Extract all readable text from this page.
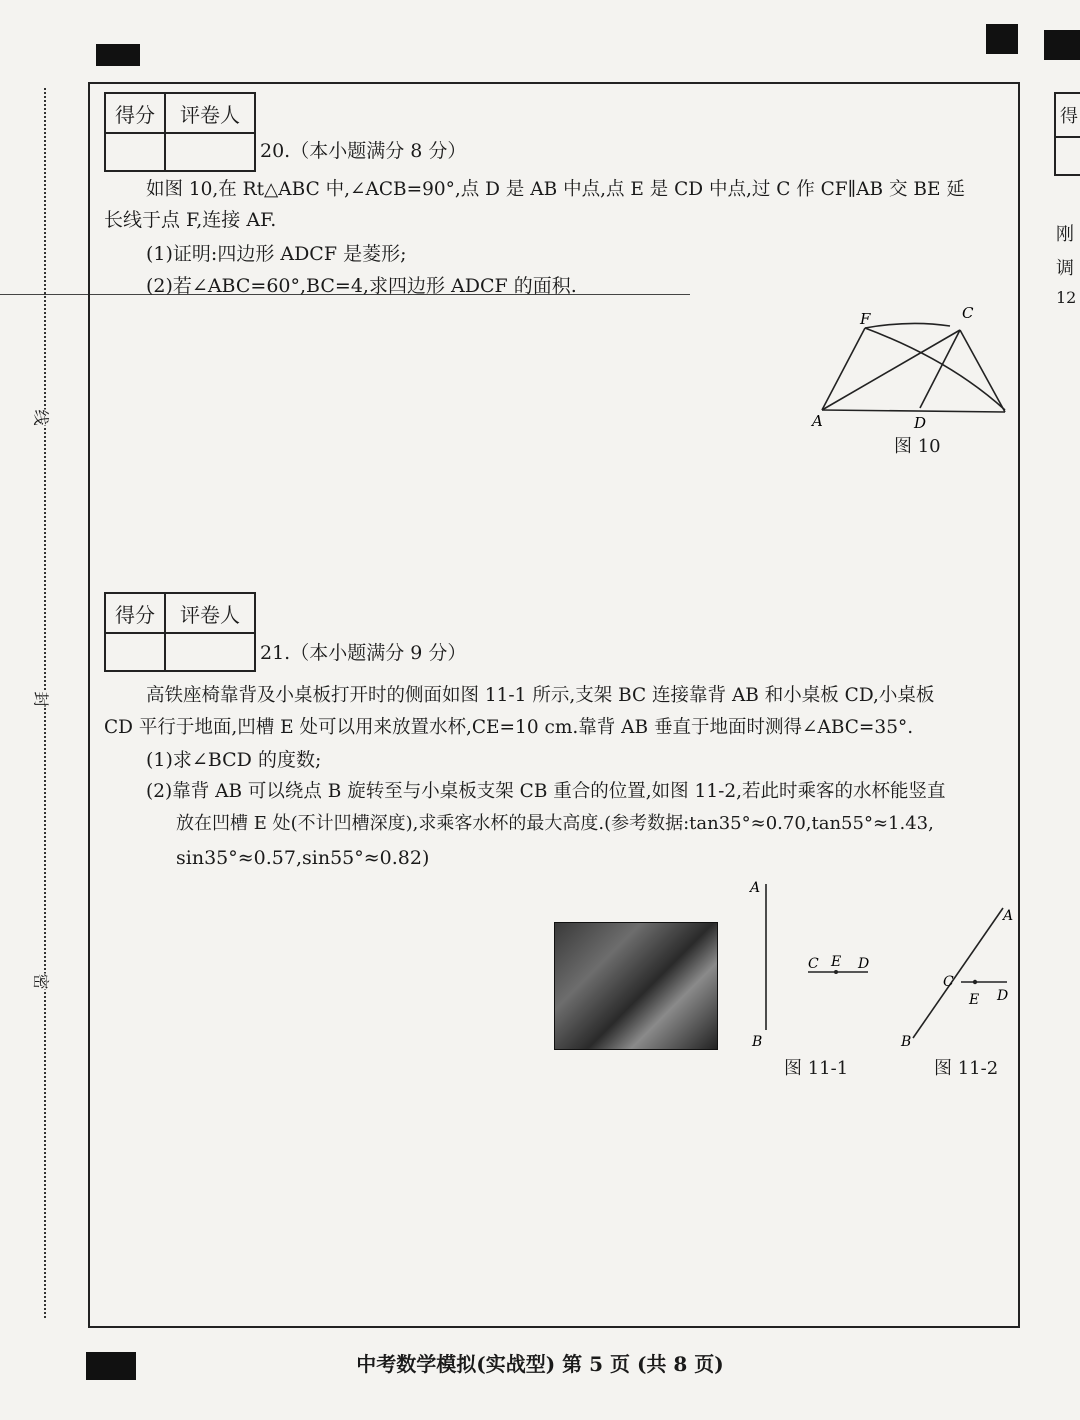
线
封
密
得
刚
调
12
得分	评卷人

20.（本小题满分 8 分）
如图 10,在 Rt△ABC 中,∠ACB=90°,点 D 是 AB 中点,点 E 是 CD 中点,过 C 作 CF∥AB 交 BE 延
长线于点 F,连接 AF.
(1)证明:四边形 ADCF 是菱形;
(2)若∠ABC=60°,BC=4,求四边形 ADCF 的面积.
F	C
A	D
图 10
得分	评卷人

21.（本小题满分 9 分）
高铁座椅靠背及小桌板打开时的侧面如图 11-1 所示,支架 BC 连接靠背 AB 和小桌板 CD,小桌板
CD 平行于地面,凹槽 E 处可以用来放置水杯,CE=10 cm.靠背 AB 垂直于地面时测得∠ABC=35°.
(1)求∠BCD 的度数;
(2)靠背 AB 可以绕点 B 旋转至与小桌板支架 CB 重合的位置,如图 11-2,若此时乘客的水杯能竖直
放在凹槽 E 处(不计凹槽深度),求乘客水杯的最大高度.(参考数据:tan35°≈0.70,tan55°≈1.43,
sin35°≈0.57,sin55°≈0.82)
A
B
C E D
图 11-1
A
B
C
E D
图 11-2
中考数学模拟(实战型) 第 5 页 (共 8 页)
